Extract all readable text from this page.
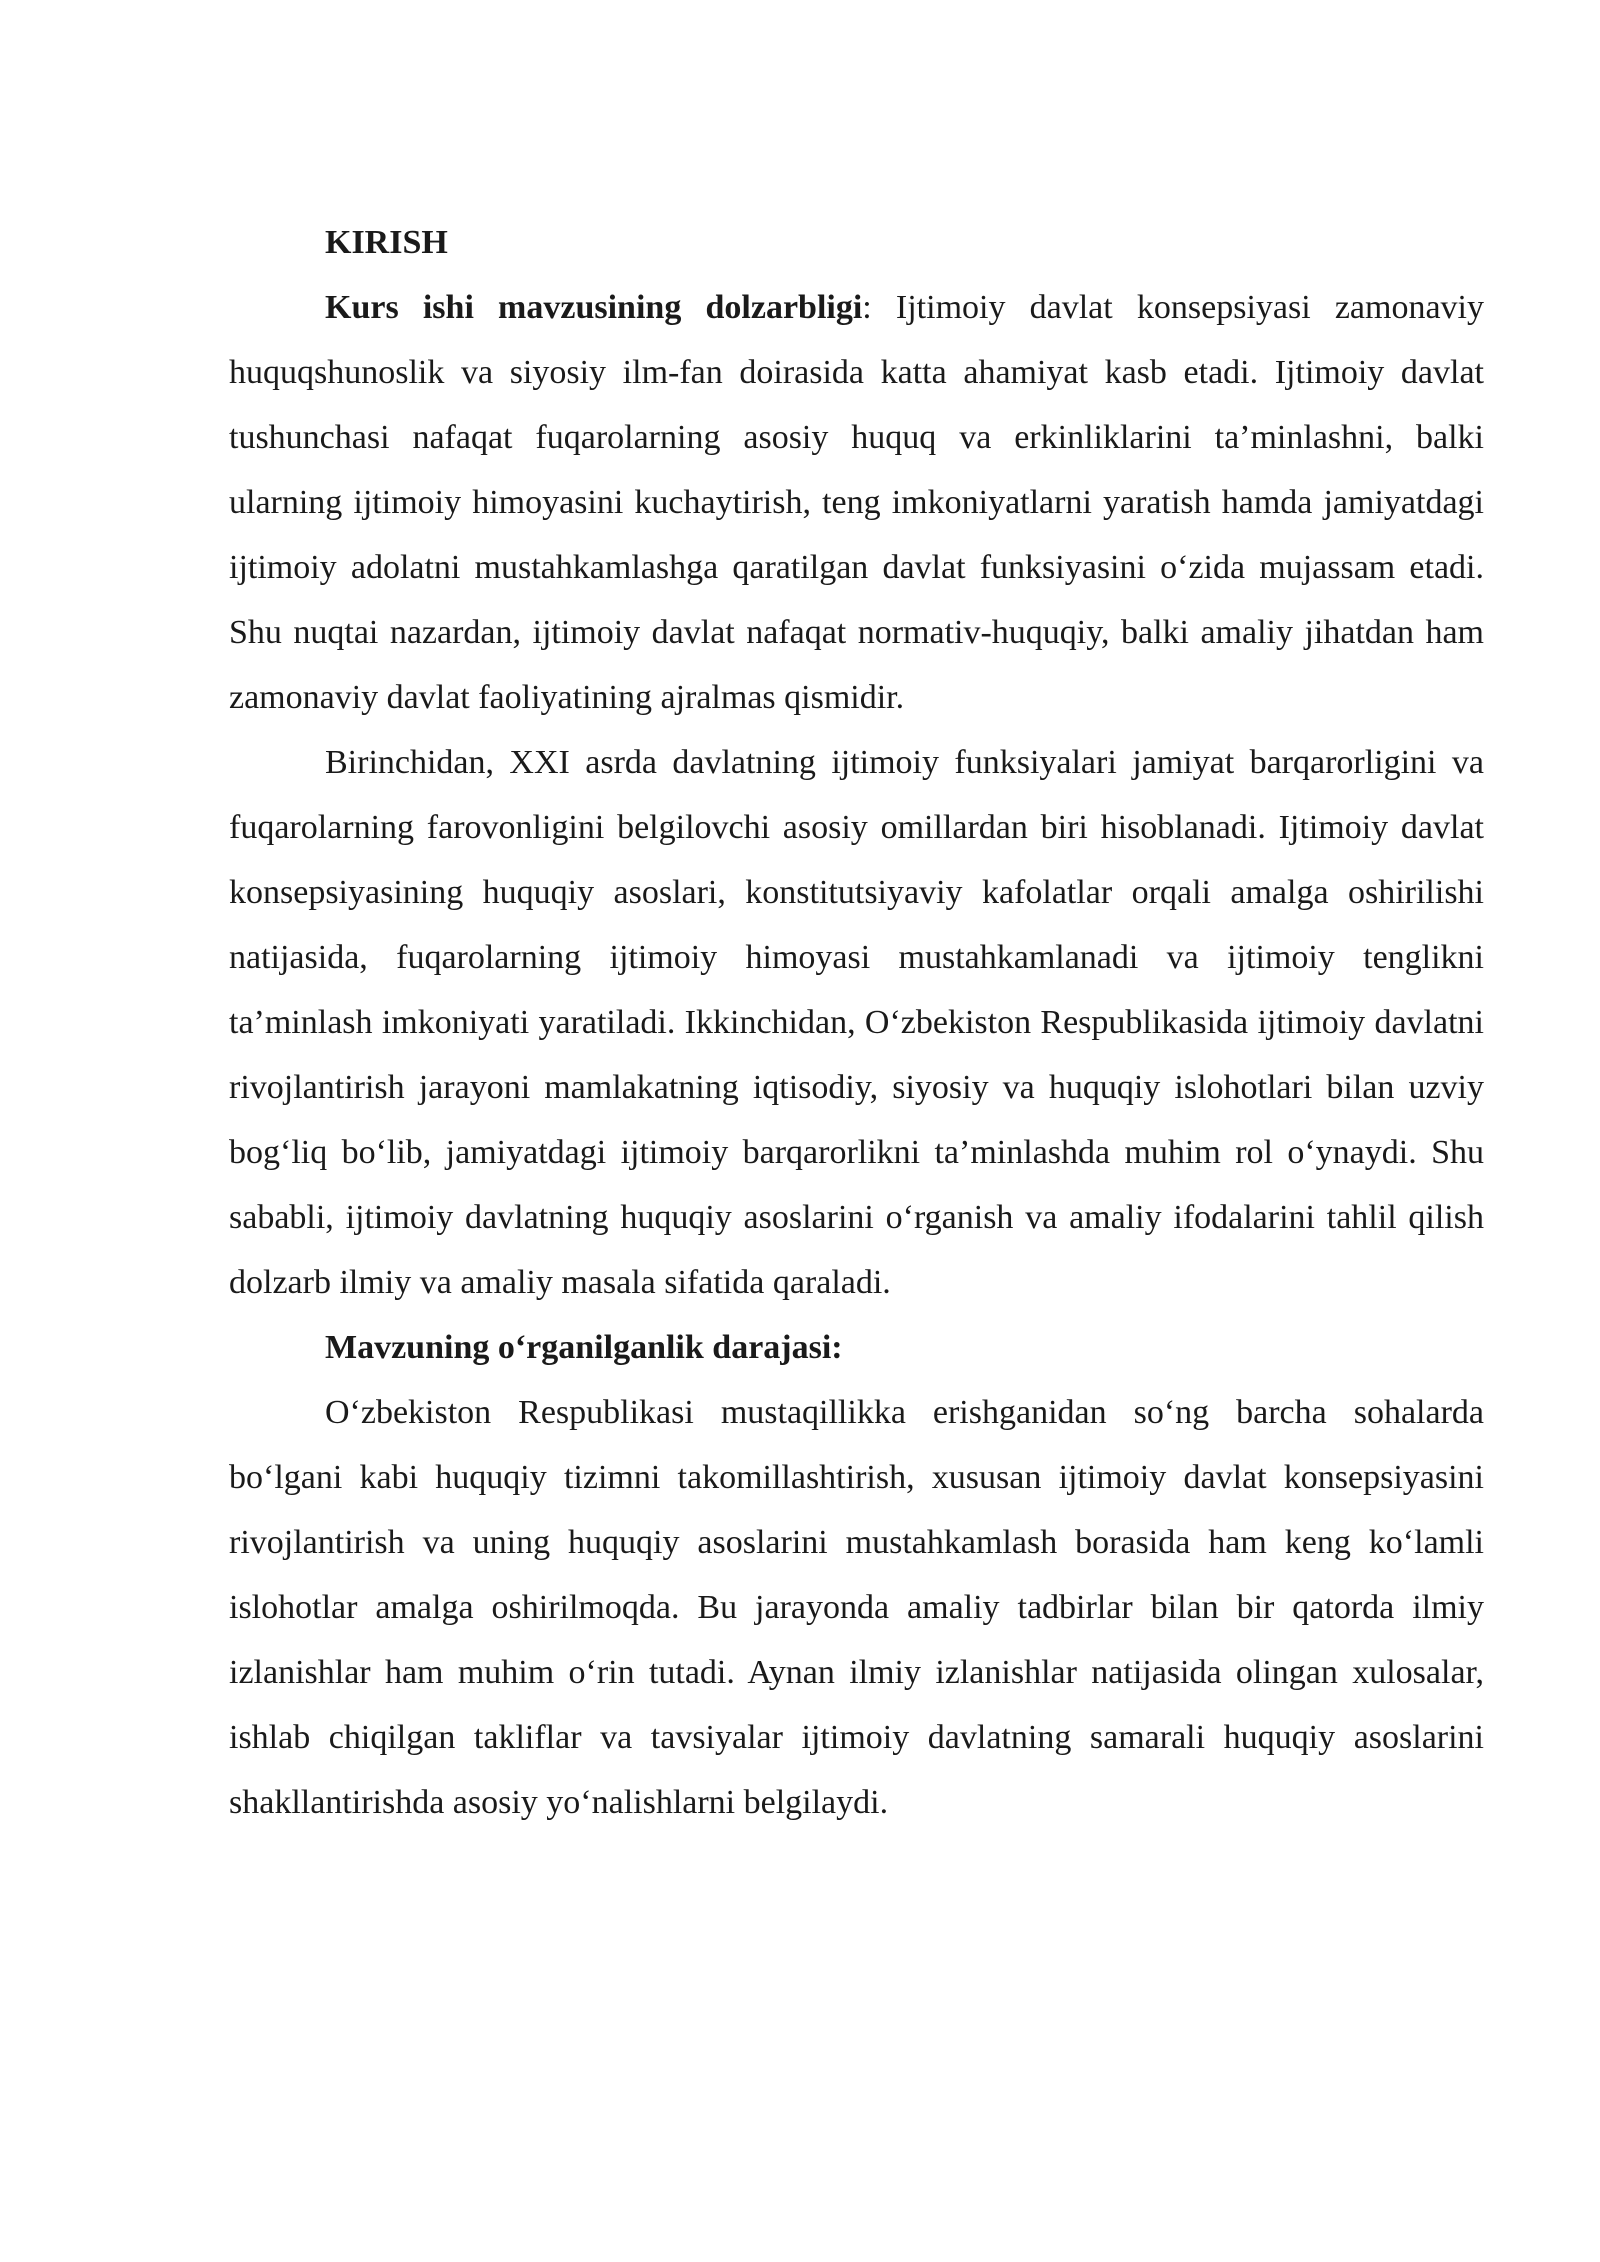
KIRISH

Kurs ishi mavzusining dolzarbligi: Ijtimoiy davlat konsepsiyasi zamonaviy huquqshunoslik va siyosiy ilm-fan doirasida katta ahamiyat kasb etadi. Ijtimoiy davlat tushunchasi nafaqat fuqarolarning asosiy huquq va erkinliklarini ta’minlashni, balki ularning ijtimoiy himoyasini kuchaytirish, teng imkoniyatlarni yaratish hamda jamiyatdagi ijtimoiy adolatni mustahkamlashga qaratilgan davlat funksiyasini o‘zida mujassam etadi. Shu nuqtai nazardan, ijtimoiy davlat nafaqat normativ-huquqiy, balki amaliy jihatdan ham zamonaviy davlat faoliyatining ajralmas qismidir.

Birinchidan, XXI asrda davlatning ijtimoiy funksiyalari jamiyat barqarorligini va fuqarolarning farovonligini belgilovchi asosiy omillardan biri hisoblanadi. Ijtimoiy davlat konsepsiyasining huquqiy asoslari, konstitutsiyaviy kafolatlar orqali amalga oshirilishi natijasida, fuqarolarning ijtimoiy himoyasi mustahkamlanadi va ijtimoiy tenglikni ta’minlash imkoniyati yaratiladi. Ikkinchidan, O‘zbekiston Respublikasida ijtimoiy davlatni rivojlantirish jarayoni mamlakatning iqtisodiy, siyosiy va huquqiy islohotlari bilan uzviy bog‘liq bo‘lib, jamiyatdagi ijtimoiy barqarorlikni ta’minlashda muhim rol o‘ynaydi. Shu sababli, ijtimoiy davlatning huquqiy asoslarini o‘rganish va amaliy ifodalarini tahlil qilish dolzarb ilmiy va amaliy masala sifatida qaraladi.

Mavzuning o‘rganilganlik darajasi:

O‘zbekiston Respublikasi mustaqillikka erishganidan so‘ng barcha sohalarda bo‘lgani kabi huquqiy tizimni takomillashtirish, xususan ijtimoiy davlat konsepsiyasini rivojlantirish va uning huquqiy asoslarini mustahkamlash borasida ham keng ko‘lamli islohotlar amalga oshirilmoqda. Bu jarayonda amaliy tadbirlar bilan bir qatorda ilmiy izlanishlar ham muhim o‘rin tutadi. Aynan ilmiy izlanishlar natijasida olingan xulosalar, ishlab chiqilgan takliflar va tavsiyalar ijtimoiy davlatning samarali huquqiy asoslarini shakllantirishda asosiy yo‘nalishlarni belgilaydi.
